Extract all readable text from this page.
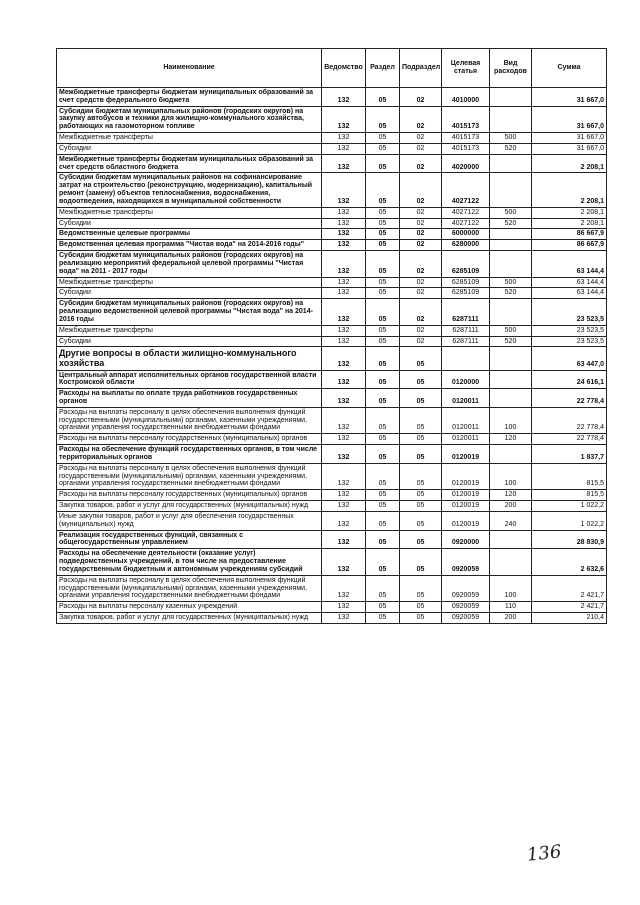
Наименование	Ведомство	Раздел	Подраздел	Целевая статья	Вид расходов	Сумма
Межбюджетные трансферты бюджетам муниципальных образований за счет средств федерального бюджета	132	05	02	4010000		31 667,0
Субсидии бюджетам муниципальных районов (городских округов) на закупку автобусов и техники для жилищно-коммунального хозяйства, работающих на газомоторном топливе	132	05	02	4015173		31 667,0
Межбюджетные трансферты	132	05	02	4015173	500	31 667,0
Субсидии	132	05	02	4015173	520	31 667,0
Межбюджетные трансферты бюджетам муниципальных образований за счет средств областного бюджета	132	05	02	4020000		2 208,1
Субсидии бюджетам муниципальных районов на софинансирование затрат на строительство (реконструкцию, модернизацию), капитальный ремонт (замену) объектов теплоснабжения, водоснабжения, водоотведения, находящихся в муниципальной собственности	132	05	02	4027122		2 208,1
Межбюджетные трансферты	132	05	02	4027122	500	2 208,1
Субсидии	132	05	02	4027122	520	2 208,1
Ведомственные целевые программы	132	05	02	6000000		86 667,9
Ведомственная целевая программа "Чистая вода" на 2014-2016 годы"	132	05	02	6280000		86 667,9
Субсидии бюджетам муниципальных районов (городских округов) на реализацию мероприятий федеральной целевой программы "Чистая вода" на 2011 - 2017 годы	132	05	02	6285109		63 144,4
Межбюджетные трансферты	132	05	02	6285109	500	63 144,4
Субсидии	132	05	02	6285109	520	63 144,4
Субсидии бюджетам муниципальных районов (городских округов) на реализацию ведомственной целевой программы "Чистая вода" на 2014-2016 годы	132	05	02	6287111		23 523,5
Межбюджетные трансферты	132	05	02	6287111	500	23 523,5
Субсидии	132	05	02	6287111	520	23 523,5
Другие вопросы в области жилищно-коммунального хозяйства	132	05	05			63 447,0
Центральный аппарат исполнительных органов государственной власти Костромской области	132	05	05	0120000		24 616,1
Расходы на выплаты по оплате труда работников государственных органов	132	05	05	0120011		22 778,4
Расходы на выплаты персоналу в целях обеспечения выполнения функций государственными (муниципальными) органами, казенными учреждениями, органами управления государственными внебюджетными фондами	132	05	05	0120011	100	22 778,4
Расходы на выплаты персоналу государственных (муниципальных) органов	132	05	05	0120011	120	22 778,4
Расходы на обеспечение функций государственных органов, в том числе территориальных органов	132	05	05	0120019		1 837,7
Расходы на выплаты персоналу в целях обеспечения выполнения функций государственными (муниципальными) органами, казенными учреждениями, органами управления государственными внебюджетными фондами	132	05	05	0120019	100	815,5
Расходы на выплаты персоналу государственных (муниципальных) органов	132	05	05	0120019	120	815,5
Закупка товаров, работ и услуг для государственных (муниципальных) нужд	132	05	05	0120019	200	1 022,2
Иные закупки товаров, работ и услуг для обеспечения государственных (муниципальных) нужд	132	05	05	0120019	240	1 022,2
Реализация государственных функций, связанных с общегосударственным управлением	132	05	05	0920000		28 830,9
Расходы на обеспечение деятельности (оказание услуг) подведомственных учреждений, в том числе на предоставление государственным бюджетным и автономным учреждениям субсидий	132	05	05	0920059		2 632,6
Расходы на выплаты персоналу в целях обеспечения выполнения функций государственными (муниципальными) органами, казенными учреждениями, органами управления государственными внебюджетными фондами	132	05	05	0920059	100	2 421,7
Расходы на выплаты персоналу казенных учреждений	132	05	05	0920059	110	2 421,7
Закупка товаров, работ и услуг для государственных (муниципальных) нужд	132	05	05	0920059	200	210,4
136
